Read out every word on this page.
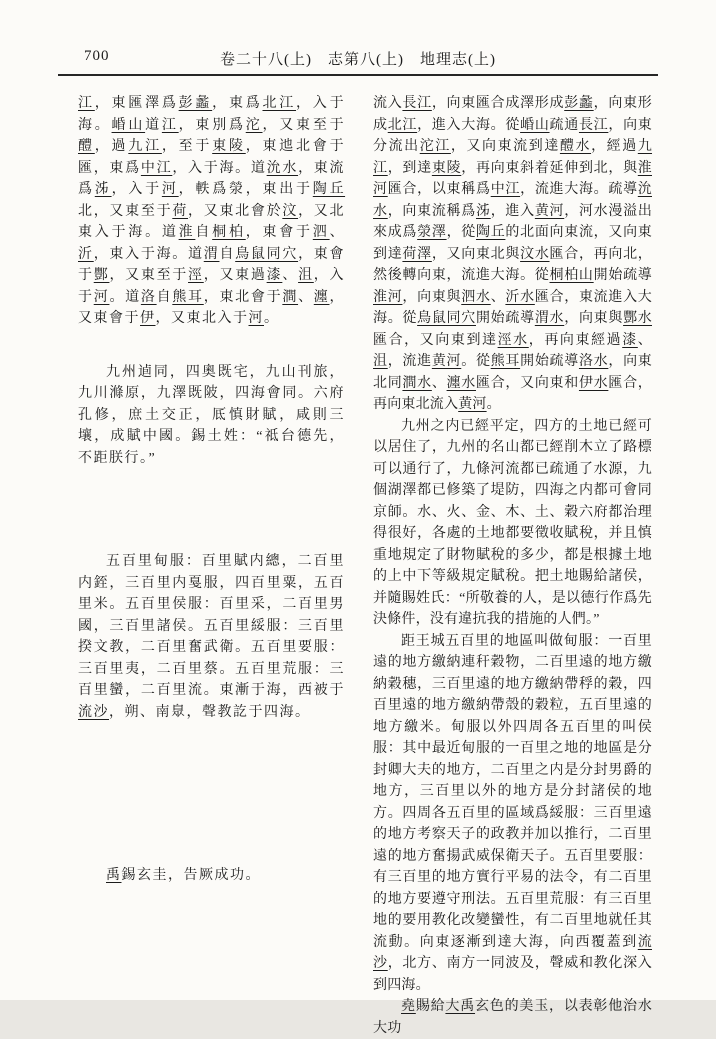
700	卷二十八(上)　志第八(上)　地理志(上)

江，東匯澤爲彭蠡，東爲北江，入于海。崏山道江，東別爲沱，又東至于醴，過九江，至于東陵，東迆北會于匯，東爲中江，入于海。道沇水，東流爲泲，入于河，軼爲滎，東出于陶丘北，又東至于荷，又東北會於汶，又北東入于海。道淮自桐柏，東會于泗、沂，東入于海。道渭自鳥鼠同穴，東會于酆，又東至于涇，又東過漆、沮，入于河。道洛自熊耳，東北會于澗、瀍，又東會于伊，又東北入于河。

九州逌同，四奧既宅，九山刊旅，九川滌原，九澤既陂，四海會同。六府孔修，庶土交正，厎慎財賦，咸則三壤，成賦中國。錫土姓：“祗台德先，不距朕行。”

五百里甸服：百里賦内總，二百里内銍，三百里内戛服，四百里粟，五百里米。五百里侯服：百里采，二百里男國，三百里諸侯。五百里綏服：三百里揆文教，二百里奮武衛。五百里要服：三百里夷，二百里蔡。五百里荒服：三百里蠻，二百里流。東漸于海，西被于流沙，朔、南臮，聲教訖于四海。

禹錫玄圭，告厥成功。

流入長江，向東匯合成澤形成彭蠡，向東形成北江，進入大海。從崏山疏通長江，向東分流出沱江，又向東流到達醴水，經過九江，到達東陵，再向東斜着延伸到北，與淮河匯合，以東稱爲中江，流進大海。疏導沇水，向東流稱爲泲，進入黄河，河水漫溢出來成爲滎澤，從陶丘的北面向東流，又向東到達荷澤，又向東北與汶水匯合，再向北，然後轉向東，流進大海。從桐柏山開始疏導淮河，向東與泗水、沂水匯合，東流進入大海。從鳥鼠同穴開始疏導渭水，向東與酆水匯合，又向東到達涇水，再向東經過漆、沮，流進黄河。從熊耳開始疏導洛水，向東北同澗水、瀍水匯合，又向東和伊水匯合，再向東北流入黄河。

九州之内已經平定，四方的土地已經可以居住了，九州的名山都已經削木立了路標可以通行了，九條河流都已疏通了水源，九個湖澤都已修築了堤防，四海之内都可會同京師。水、火、金、木、土、穀六府都治理得很好，各處的土地都要徵收賦稅，并且慎重地規定了財物賦稅的多少，都是根據土地的上中下等級規定賦稅。把土地賜給諸侯，并隨賜姓氏：“所敬養的人，是以德行作爲先決條件，没有違抗我的措施的人們。”

距王城五百里的地區叫做甸服：一百里遠的地方繳納連秆穀物，二百里遠的地方繳納穀穗，三百里遠的地方繳納帶稃的穀，四百里遠的地方繳納帶殼的穀粒，五百里遠的地方繳米。甸服以外四周各五百里的叫侯服：其中最近甸服的一百里之地的地區是分封卿大夫的地方，二百里之内是分封男爵的地方，三百里以外的地方是分封諸侯的地方。四周各五百里的區域爲綏服：三百里遠的地方考察天子的政教并加以推行，二百里遠的地方奮揚武威保衛天子。五百里要服：有三百里的地方實行平易的法令，有二百里的地方要遵守刑法。五百里荒服：有三百里地的要用教化改變蠻性，有二百里地就任其流動。向東逐漸到達大海，向西覆蓋到流沙，北方、南方一同波及，聲威和教化深入到四海。

堯賜給大禹玄色的美玉，以表彰他治水大功
